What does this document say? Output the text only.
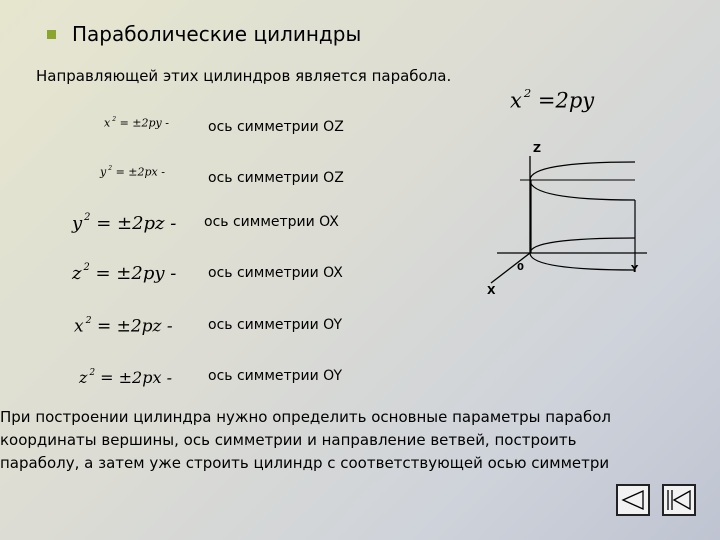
Параболические цилиндры
Направляющей этих цилиндров является парабола.
x $^2$ =2py
x $^2$ = ±2py -	ось симметрии OZ
y $^2$ = ±2px -	ось симметрии OZ
y $^2$ = ±2pz - ось симметрии OX
z $^2$ = ±2py - ось симметрии OX
x $^2$ = ±2pz -	ось симметрии OY
z $^2$ = ±2px -	ось симметрии OY
Z
Y
X
0
При построении цилиндра нужно определить основные параметры парабол
координаты вершины, ось симметрии и направление ветвей, построить
параболу, а затем уже строить цилиндр с соответствующей осью симметри
